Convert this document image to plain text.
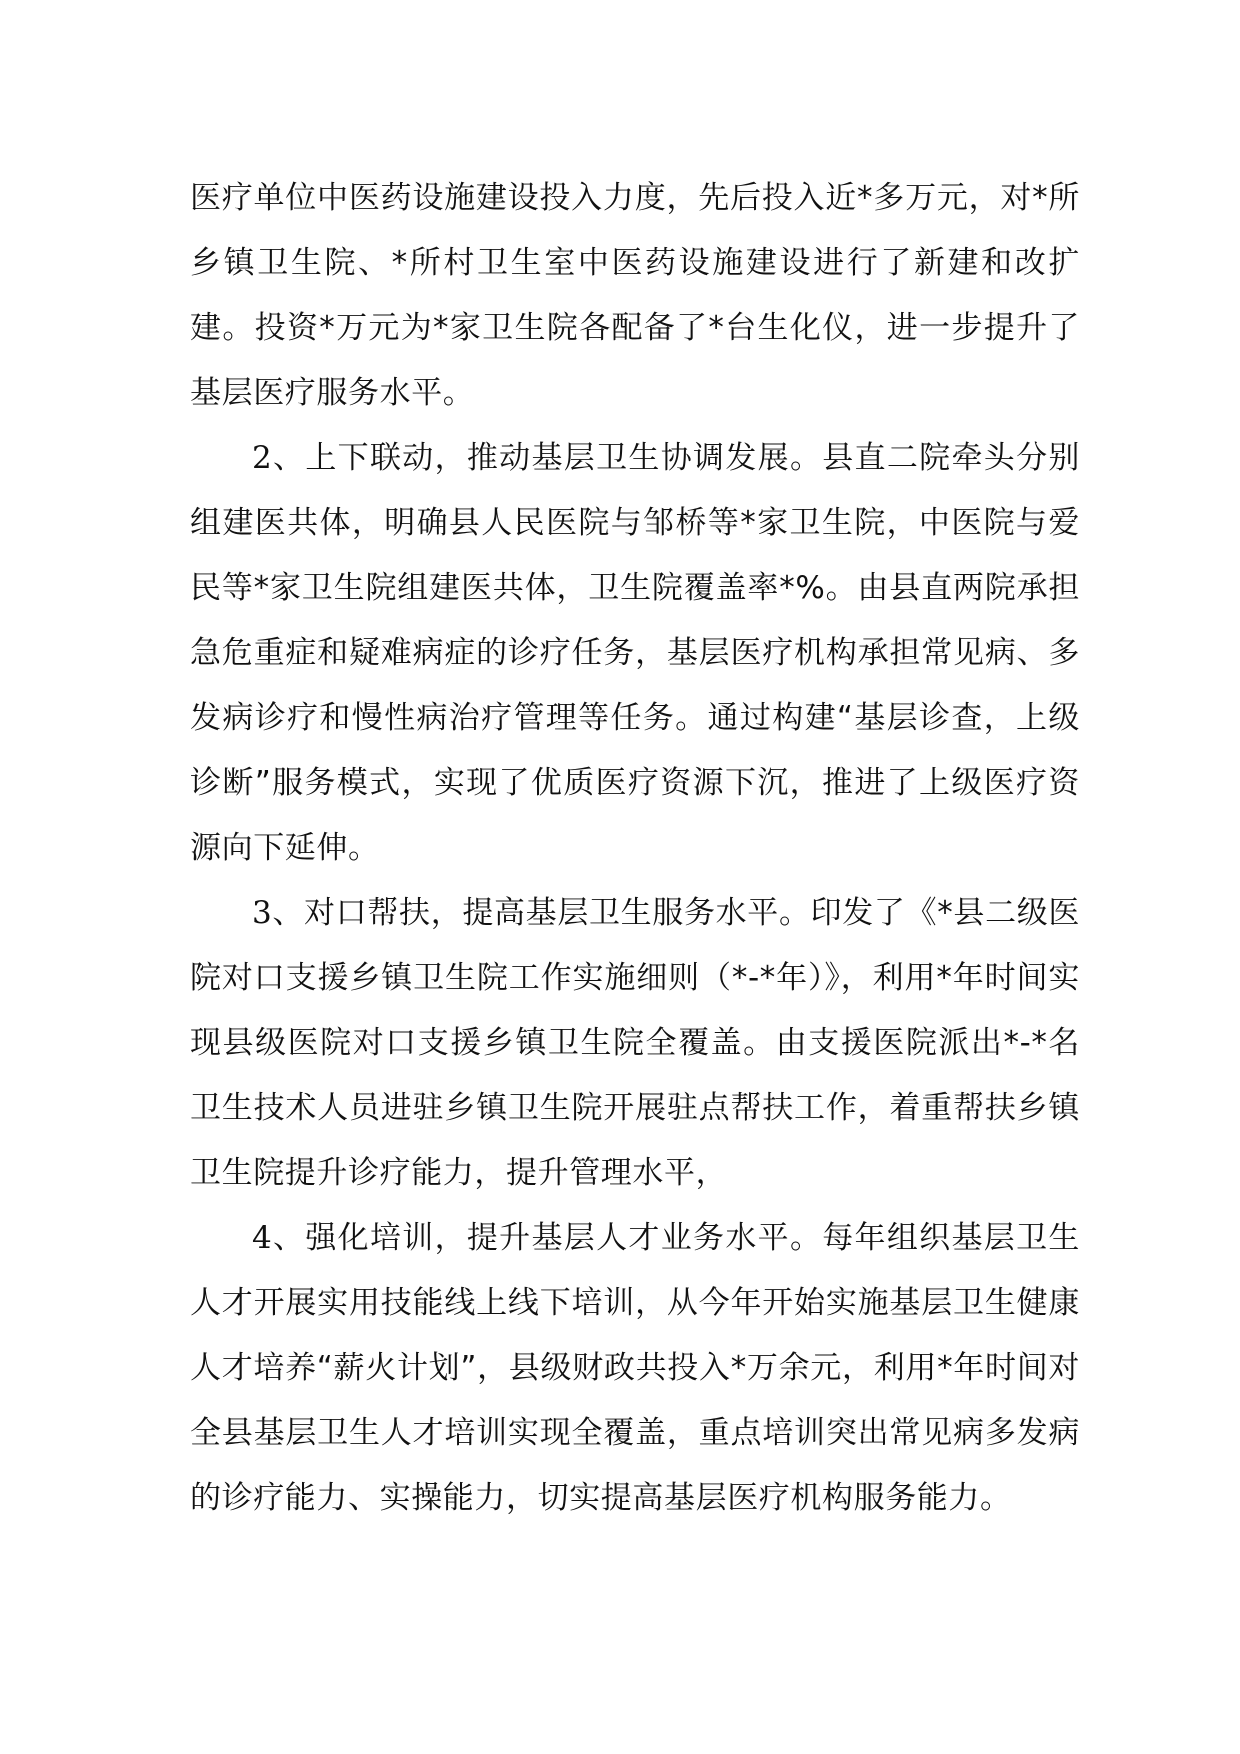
医疗单位中医药设施建设投入力度，先后投入近*多万元，对*所乡镇卫生院、*所村卫生室中医药设施建设进行了新建和改扩建。投资*万元为*家卫生院各配备了*台生化仪，进一步提升了基层医疗服务水平。

2、上下联动，推动基层卫生协调发展。县直二院牵头分别组建医共体，明确县人民医院与邹桥等*家卫生院，中医院与爱民等*家卫生院组建医共体，卫生院覆盖率*%。由县直两院承担急危重症和疑难病症的诊疗任务，基层医疗机构承担常见病、多发病诊疗和慢性病治疗管理等任务。通过构建“基层诊查，上级诊断”服务模式，实现了优质医疗资源下沉，推进了上级医疗资源向下延伸。

3、对口帮扶，提高基层卫生服务水平。印发了《*县二级医院对口支援乡镇卫生院工作实施细则（*-*年）》，利用*年时间实现县级医院对口支援乡镇卫生院全覆盖。由支援医院派出*-*名卫生技术人员进驻乡镇卫生院开展驻点帮扶工作，着重帮扶乡镇卫生院提升诊疗能力，提升管理水平，

4、强化培训，提升基层人才业务水平。每年组织基层卫生人才开展实用技能线上线下培训，从今年开始实施基层卫生健康人才培养“薪火计划”，县级财政共投入*万余元，利用*年时间对全县基层卫生人才培训实现全覆盖，重点培训突出常见病多发病的诊疗能力、实操能力，切实提高基层医疗机构服务能力。
